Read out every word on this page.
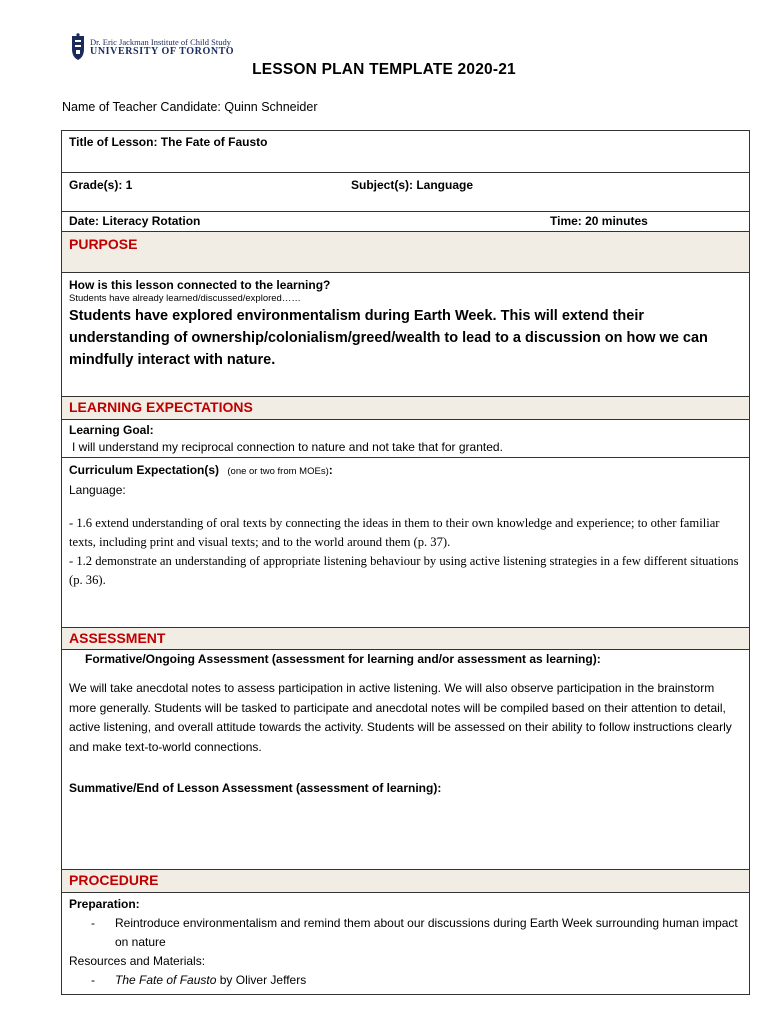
Dr. Eric Jackman Institute of Child Study
UNIVERSITY OF TORONTO
LESSON PLAN TEMPLATE 2020-21
Name of Teacher Candidate: Quinn Schneider
Title of Lesson: The Fate of Fausto
Grade(s): 1	Subject(s): Language
Date: Literacy Rotation	Time: 20 minutes
PURPOSE
How is this lesson connected to the learning?
Students have already learned/discussed/explored……
Students have explored environmentalism during Earth Week. This will extend their understanding of ownership/colonialism/greed/wealth to lead to a discussion on how we can mindfully interact with nature.
LEARNING EXPECTATIONS
Learning Goal:
I will understand my reciprocal connection to nature and not take that for granted.
Curriculum Expectation(s) (one or two from MOEs):
Language:
- 1.6 extend understanding of oral texts by connecting the ideas in them to their own knowledge and experience; to other familiar texts, including print and visual texts; and to the world around them (p. 37).
- 1.2 demonstrate an understanding of appropriate listening behaviour by using active listening strategies in a few different situations (p. 36).
ASSESSMENT
Formative/Ongoing Assessment (assessment for learning and/or assessment as learning):
We will take anecdotal notes to assess participation in active listening. We will also observe participation in the brainstorm more generally. Students will be tasked to participate and anecdotal notes will be compiled based on their attention to detail, active listening, and overall attitude towards the activity. Students will be assessed on their ability to follow instructions clearly and make text-to-world connections.
Summative/End of Lesson Assessment (assessment of learning):
PROCEDURE
Preparation:
-	Reintroduce environmentalism and remind them about our discussions during Earth Week surrounding human impact on nature
Resources and Materials:
-	The Fate of Fausto by Oliver Jeffers
